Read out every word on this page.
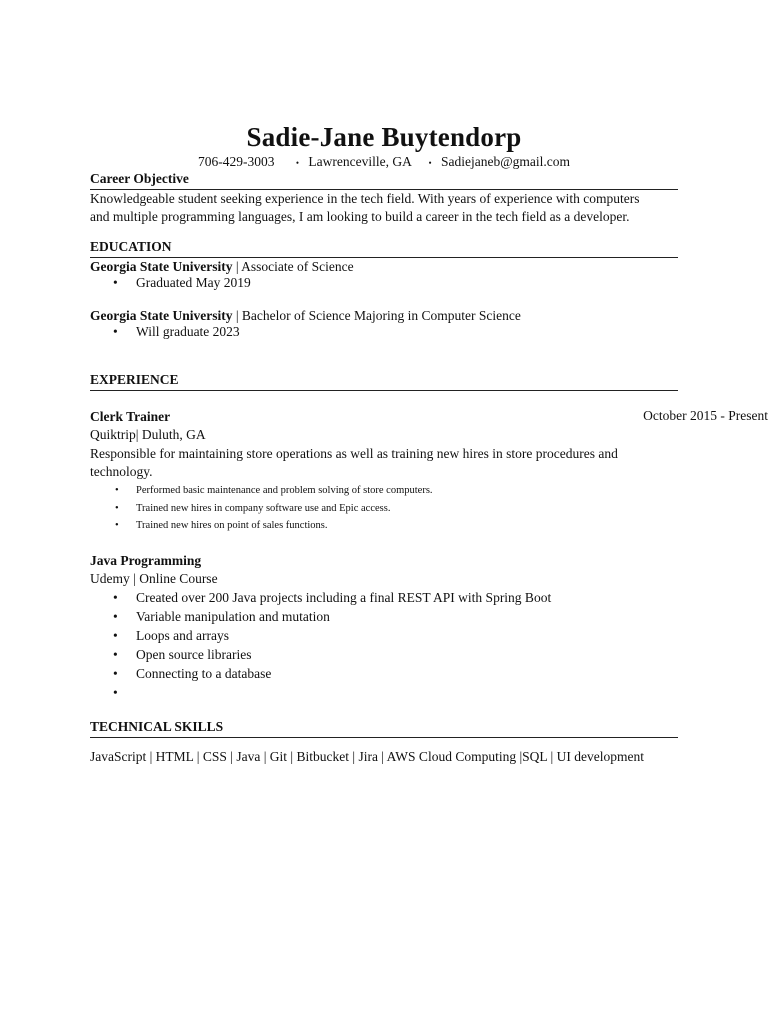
Sadie-Jane Buytendorp
706-429-3003 • Lawrenceville, GA • Sadiejaneb@gmail.com
Career Objective
Knowledgeable student seeking experience in the tech field. With years of experience with computers
and multiple programming languages, I am looking to build a career in the tech field as a developer.
EDUCATION
Georgia State University | Associate of Science
• Graduated May 2019
Georgia State University | Bachelor of Science Majoring in Computer Science
• Will graduate 2023
EXPERIENCE
Clerk Trainer	October 2015 - Present
Quiktrip| Duluth, GA
Responsible for maintaining store operations as well as training new hires in store procedures and
technology.
• Performed basic maintenance and problem solving of store computers.
• Trained new hires in company software use and Epic access.
• Trained new hires on point of sales functions.
Java Programming
Udemy | Online Course
• Created over 200 Java projects including a final REST API with Spring Boot
• Variable manipulation and mutation
• Loops and arrays
• Open source libraries
• Connecting to a database
•
TECHNICAL SKILLS
JavaScript | HTML | CSS | Java | Git | Bitbucket | Jira | AWS Cloud Computing |SQL | UI development
